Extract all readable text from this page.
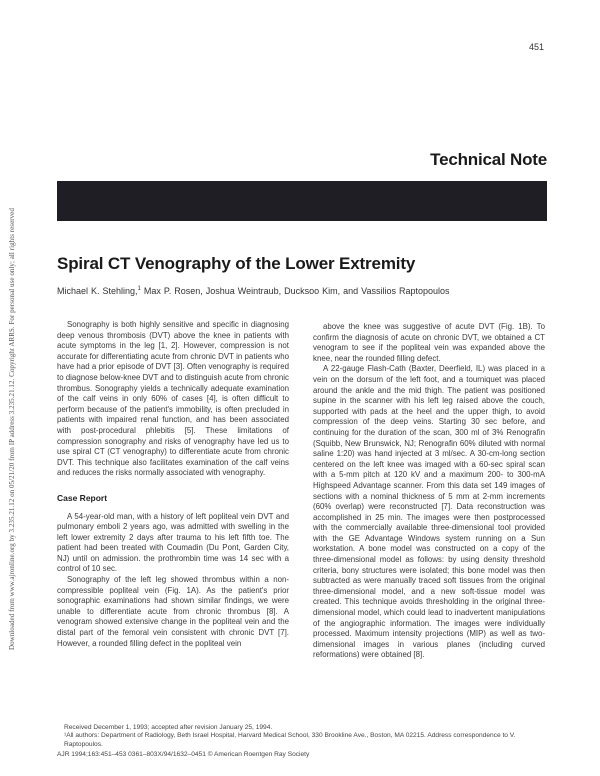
Downloaded from www.ajronline.org by 3.235.21.12 on 05/21/20 from IP address 3.235.21.12. Copyright ARRS. For personal use only; all rights reserved
451
Technical Note
Spiral CT Venography of the Lower Extremity
Michael K. Stehling,$^1$ Max P. Rosen, Joshua Weintraub, Ducksoo Kim, and Vassilios Raptopoulos

Sonography is both highly sensitive and specific in diagnosing deep venous thrombosis (DVT) above the knee in patients with acute symptoms in the leg [1, 2]. However, compression is not accurate for differentiating acute from chronic DVT in patients who have had a prior episode of DVT [3]. Often venography is required to diagnose below-knee DVT and to distinguish acute from chronic thrombus. Sonography yields a technically adequate examination of the calf veins in only 60% of cases [4], is often difficult to perform because of the patient's immobility, is often precluded in patients with impaired renal function, and has been associated with post-procedural phlebitis [5]. These limitations of compression sonography and risks of venography have led us to use spiral CT (CT venography) to differentiate acute from chronic DVT. This technique also facilitates examination of the calf veins and reduces the risks normally associated with venography.

Case Report

A 54-year-old man, with a history of left popliteal vein DVT and pulmonary emboli 2 years ago, was admitted with swelling in the left lower extremity 2 days after trauma to his left fifth toe. The patient had been treated with Coumadin (Du Pont, Garden City, NJ) until on admission. the prothrombin time was 14 sec with a control of 10 sec.

Sonography of the left leg showed thrombus within a non-compressible popliteal vein (Fig. 1A). As the patient's prior sonographic examinations had shown similar findings, we were unable to differentiate acute from chronic thrombus [8]. A venogram showed extensive change in the popliteal vein and the distal part of the femoral vein consistent with chronic DVT [7]. However, a rounded filling defect in the popliteal vein

above the knee was suggestive of acute DVT (Fig. 1B). To confirm the diagnosis of acute on chronic DVT, we obtained a CT venogram to see if the popliteal vein was expanded above the knee, near the rounded filling defect.

A 22-gauge Flash-Cath (Baxter, Deerfield, IL) was placed in a vein on the dorsum of the left foot, and a tourniquet was placed around the ankle and the mid thigh. The patient was positioned supine in the scanner with his left leg raised above the couch, supported with pads at the heel and the upper thigh, to avoid compression of the deep veins. Starting 30 sec before, and continuing for the duration of the scan, 300 ml of 3% Renografin (Squibb, New Brunswick, NJ; Renografin 60% diluted with normal saline 1:20) was hand injected at 3 ml/sec. A 30-cm-long section centered on the left knee was imaged with a 60-sec spiral scan with a 5-mm pitch at 120 kV and a maximum 200- to 300-mA Highspeed Advantage scanner. From this data set 149 images of sections with a nominal thickness of 5 mm at 2-mm increments (60% overlap) were reconstructed [7]. Data reconstruction was accomplished in 25 min. The images were then postprocessed with the commercially available three-dimensional tool provided with the GE Advantage Windows system running on a Sun workstation. A bone model was constructed on a copy of the three-dimensional model as follows: by using density threshold criteria, bony structures were isolated; this bone model was then subtracted as were manually traced soft tissues from the original three-dimensional model, and a new soft-tissue model was created. This technique avoids thresholding in the original three-dimensional model, which could lead to inadvertent manipulations of the angiographic information. The images were individually processed. Maximum intensity projections (MIP) as well as two-dimensional images in various planes (including curved reformations) were obtained [8].

Received December 1, 1993; accepted after revision January 25, 1994.
¹All authors: Department of Radiology, Beth Israel Hospital, Harvard Medical School, 330 Brookline Ave., Boston, MA 02215. Address correspondence to V. Raptopoulos.
AJR 1994;163:451–453 0361–803X/94/1632–0451 © American Roentgen Ray Society
